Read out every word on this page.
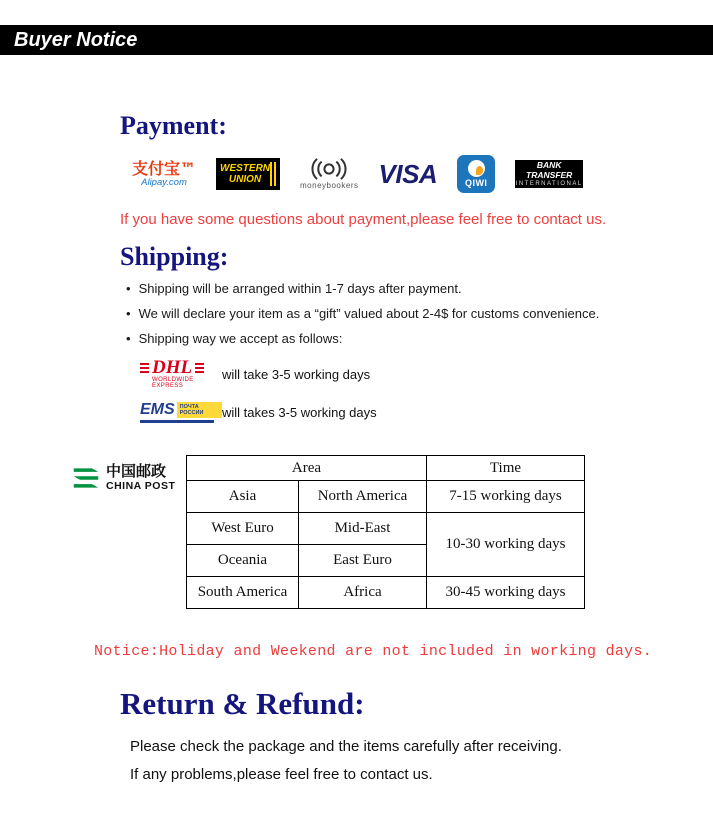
Buyer Notice
Payment:
支付宝™
Alipay.com
WESTERN
UNION
moneybookers VISA	QIWI
BANK TRANSFER
INTERNATIONAL
If you have some questions about payment,please feel free to contact us.
Shipping:
• Shipping will be arranged within 1-7 days after payment.
• We will declare your item as a “gift” valued about 2-4$ for customs convenience.
• Shipping way we accept as follows:
DHL
WORLDWIDE EXPRESS
will take 3-5 working days
EMS ПОЧТА РОССИИ	will takes 3-5 working days
中国邮政
CHINA POST
Area		Time
Asia	North America	7-15 working days
West Euro	Mid-East	10-30 working days
Oceania	East Euro	
South America	Africa	30-45 working days
Notice:Holiday and Weekend are not included in working days.
Return & Refund:
Please check the package and the items carefully after receiving.
If any problems,please feel free to contact us.
